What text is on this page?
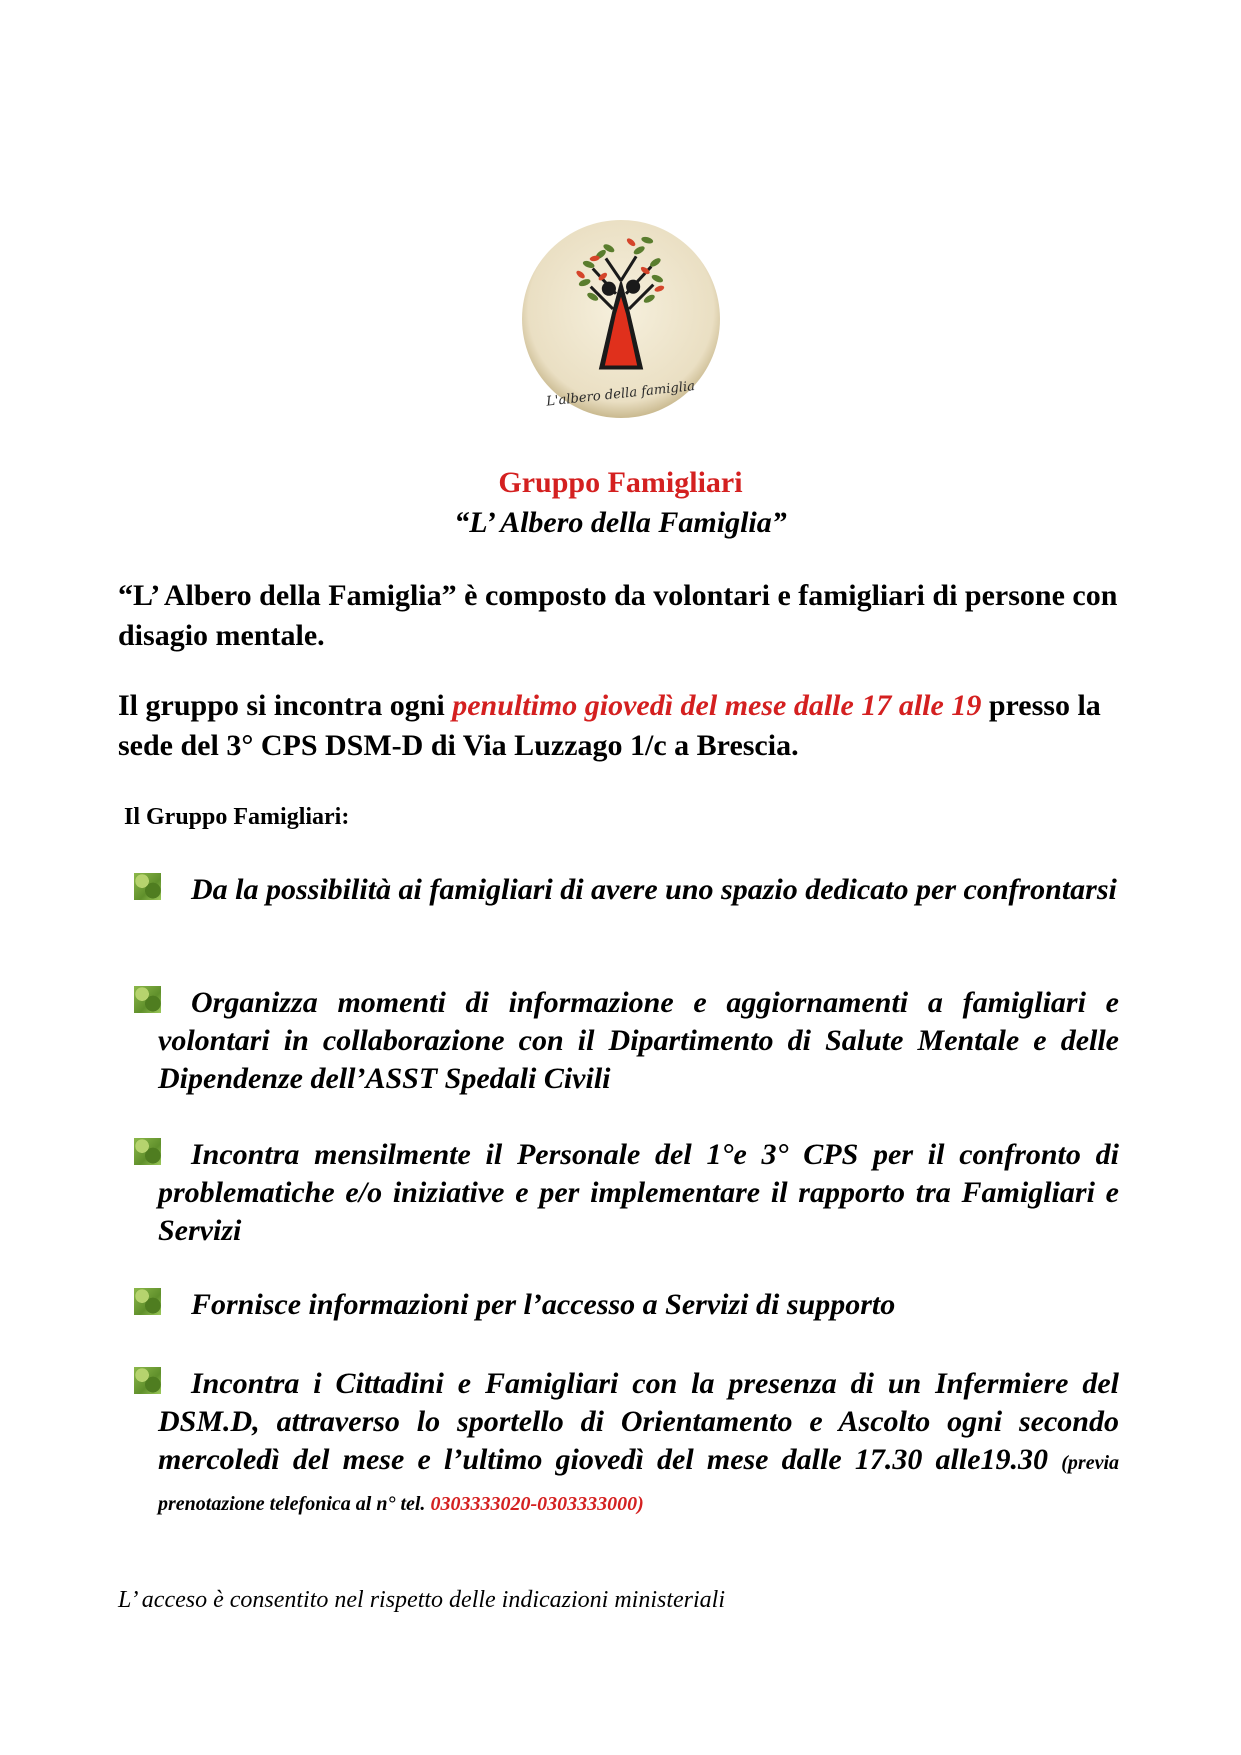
L'albero della famiglia
Gruppo Famigliari
“L’ Albero della Famiglia”
“L’ Albero della Famiglia” è composto da volontari e famigliari di persone con disagio mentale.
Il gruppo si incontra ogni penultimo giovedì del mese dalle 17 alle 19 presso la sede del 3° CPS DSM-D di Via Luzzago 1/c a Brescia.
Il Gruppo Famigliari:
Da la possibilità ai famigliari di avere uno spazio dedicato per confrontarsi
Organizza momenti di informazione e aggiornamenti a famigliari e volontari in collaborazione con il Dipartimento di Salute Mentale e delle Dipendenze dell’ASST Spedali Civili
Incontra mensilmente il Personale del 1°e 3° CPS per il confronto di problematiche e/o iniziative e per implementare il rapporto tra Famigliari e Servizi
Fornisce informazioni per l’accesso a Servizi di supporto
Incontra i Cittadini e Famigliari con la presenza di un Infermiere del DSM.D, attraverso lo sportello di Orientamento e Ascolto ogni secondo mercoledì del mese e l’ultimo giovedì del mese dalle 17.30 alle19.30 (previa prenotazione telefonica al n° tel. 0303333020-0303333000)
L’ acceso è consentito nel rispetto delle indicazioni ministeriali
